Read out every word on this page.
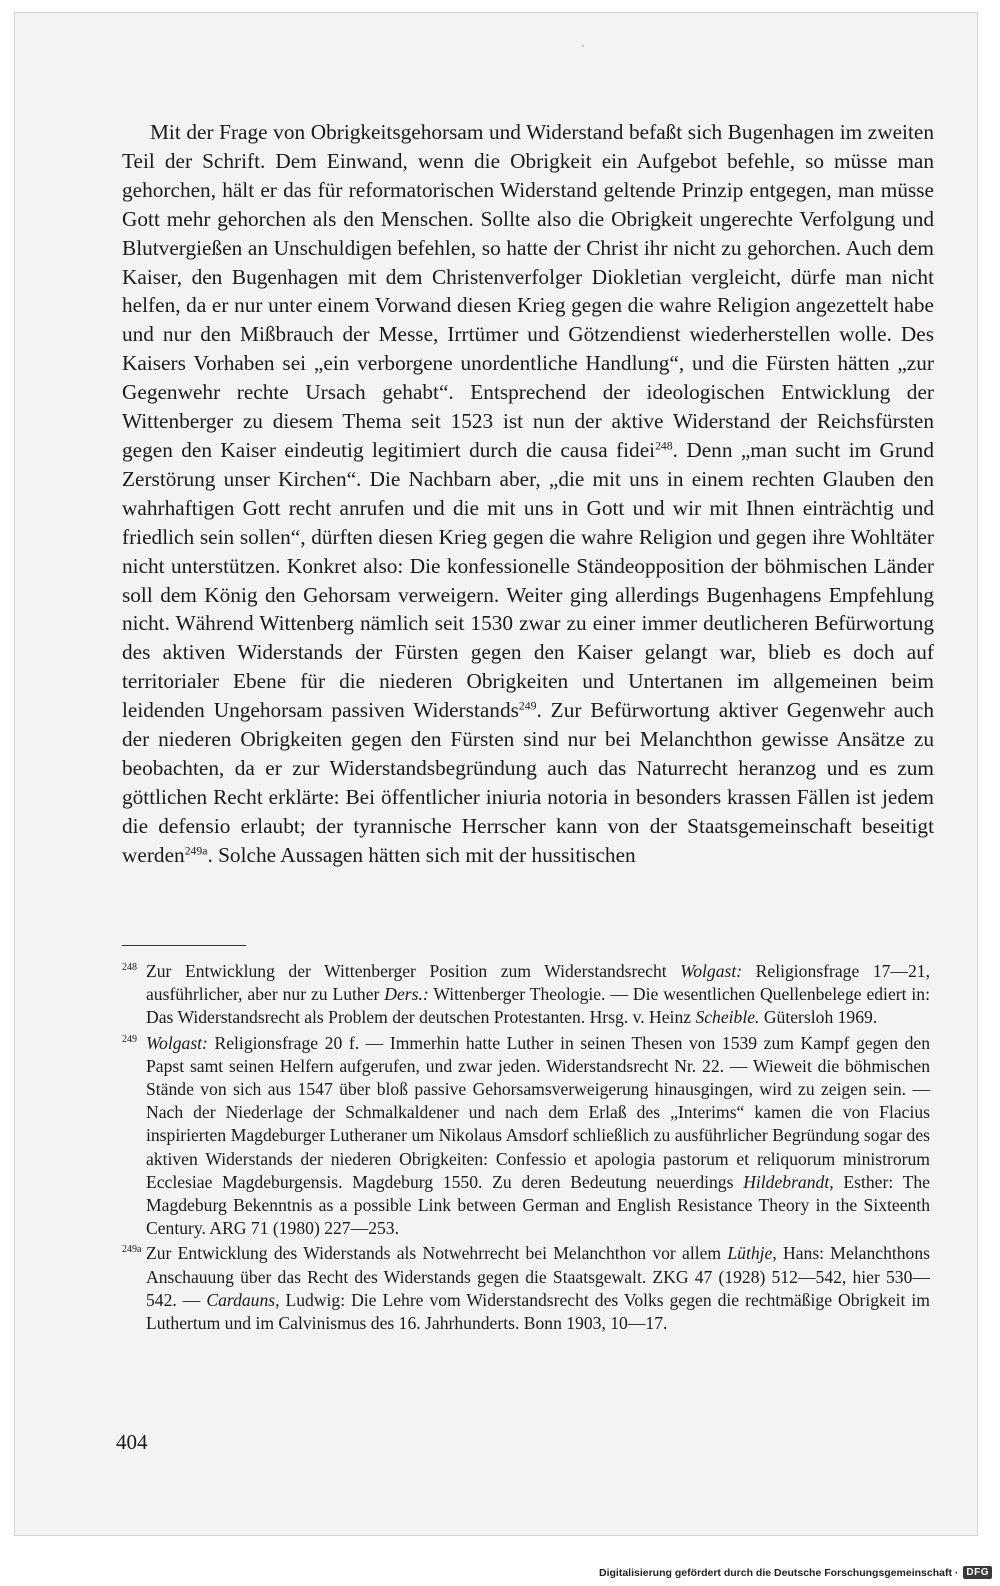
◦

Mit der Frage von Obrigkeitsgehorsam und Widerstand befaßt sich Bugenhagen im zweiten Teil der Schrift. Dem Einwand, wenn die Obrigkeit ein Aufgebot befehle, so müsse man gehorchen, hält er das für reformatorischen Widerstand geltende Prinzip entgegen, man müsse Gott mehr gehorchen als den Menschen. Sollte also die Obrigkeit ungerechte Verfolgung und Blutvergießen an Unschuldigen befehlen, so hatte der Christ ihr nicht zu gehorchen. Auch dem Kaiser, den Bugenhagen mit dem Christenverfolger Diokletian vergleicht, dürfe man nicht helfen, da er nur unter einem Vorwand diesen Krieg gegen die wahre Religion angezettelt habe und nur den Mißbrauch der Messe, Irrtümer und Götzendienst wiederherstellen wolle. Des Kaisers Vorhaben sei „ein verborgene unordentliche Handlung“, und die Fürsten hätten „zur Gegenwehr rechte Ursach gehabt“. Entsprechend der ideologischen Entwicklung der Wittenberger zu diesem Thema seit 1523 ist nun der aktive Widerstand der Reichsfürsten gegen den Kaiser eindeutig legitimiert durch die causa fidei$^{248}$. Denn „man sucht im Grund Zerstörung unser Kirchen“. Die Nachbarn aber, „die mit uns in einem rechten Glauben den wahrhaftigen Gott recht anrufen und die mit uns in Gott und wir mit Ihnen einträchtig und friedlich sein sollen“, dürften diesen Krieg gegen die wahre Religion und gegen ihre Wohltäter nicht unterstützen. Konkret also: Die konfessionelle Ständeopposition der böhmischen Länder soll dem König den Gehorsam verweigern. Weiter ging allerdings Bugenhagens Empfehlung nicht. Während Wittenberg nämlich seit 1530 zwar zu einer immer deutlicheren Befürwortung des aktiven Widerstands der Fürsten gegen den Kaiser gelangt war, blieb es doch auf territorialer Ebene für die niederen Obrigkeiten und Untertanen im allgemeinen beim leidenden Ungehorsam passiven Widerstands$^{249}$. Zur Befürwortung aktiver Gegenwehr auch der niederen Obrigkeiten gegen den Fürsten sind nur bei Melanchthon gewisse Ansätze zu beobachten, da er zur Widerstandsbegründung auch das Naturrecht heranzog und es zum göttlichen Recht erklärte: Bei öffentlicher iniuria notoria in besonders krassen Fällen ist jedem die defensio erlaubt; der tyrannische Herrscher kann von der Staatsgemeinschaft beseitigt werden$^{249a}$. Solche Aussagen hätten sich mit der hussitischen

248 Zur Entwicklung der Wittenberger Position zum Widerstandsrecht Wolgast: Religionsfrage 17—21, ausführlicher, aber nur zu Luther Ders.: Wittenberger Theologie. — Die wesentlichen Quellenbelege ediert in: Das Widerstandsrecht als Problem der deutschen Protestanten. Hrsg. v. Heinz Scheible. Gütersloh 1969.

249 Wolgast: Religionsfrage 20 f. — Immerhin hatte Luther in seinen Thesen von 1539 zum Kampf gegen den Papst samt seinen Helfern aufgerufen, und zwar jeden. Widerstandsrecht Nr. 22. — Wieweit die böhmischen Stände von sich aus 1547 über bloß passive Gehorsamsverweigerung hinausgingen, wird zu zeigen sein. — Nach der Niederlage der Schmalkaldener und nach dem Erlaß des „Interims“ kamen die von Flacius inspirierten Magdeburger Lutheraner um Nikolaus Amsdorf schließlich zu ausführlicher Begründung sogar des aktiven Widerstands der niederen Obrigkeiten: Confessio et apologia pastorum et reliquorum ministrorum Ecclesiae Magdeburgensis. Magdeburg 1550. Zu deren Bedeutung neuerdings Hildebrandt, Esther: The Magdeburg Bekenntnis as a possible Link between German and English Resistance Theory in the Sixteenth Century. ARG 71 (1980) 227—253.

249a Zur Entwicklung des Widerstands als Notwehrrecht bei Melanchthon vor allem Lüthje, Hans: Melanchthons Anschauung über das Recht des Widerstands gegen die Staatsgewalt. ZKG 47 (1928) 512—542, hier 530—542. — Cardauns, Ludwig: Die Lehre vom Widerstandsrecht des Volks gegen die rechtmäßige Obrigkeit im Luthertum und im Calvinismus des 16. Jahrhunderts. Bonn 1903, 10—17.

404
Digitalisierung gefördert durch die Deutsche Forschungsgemeinschaft · DFG
